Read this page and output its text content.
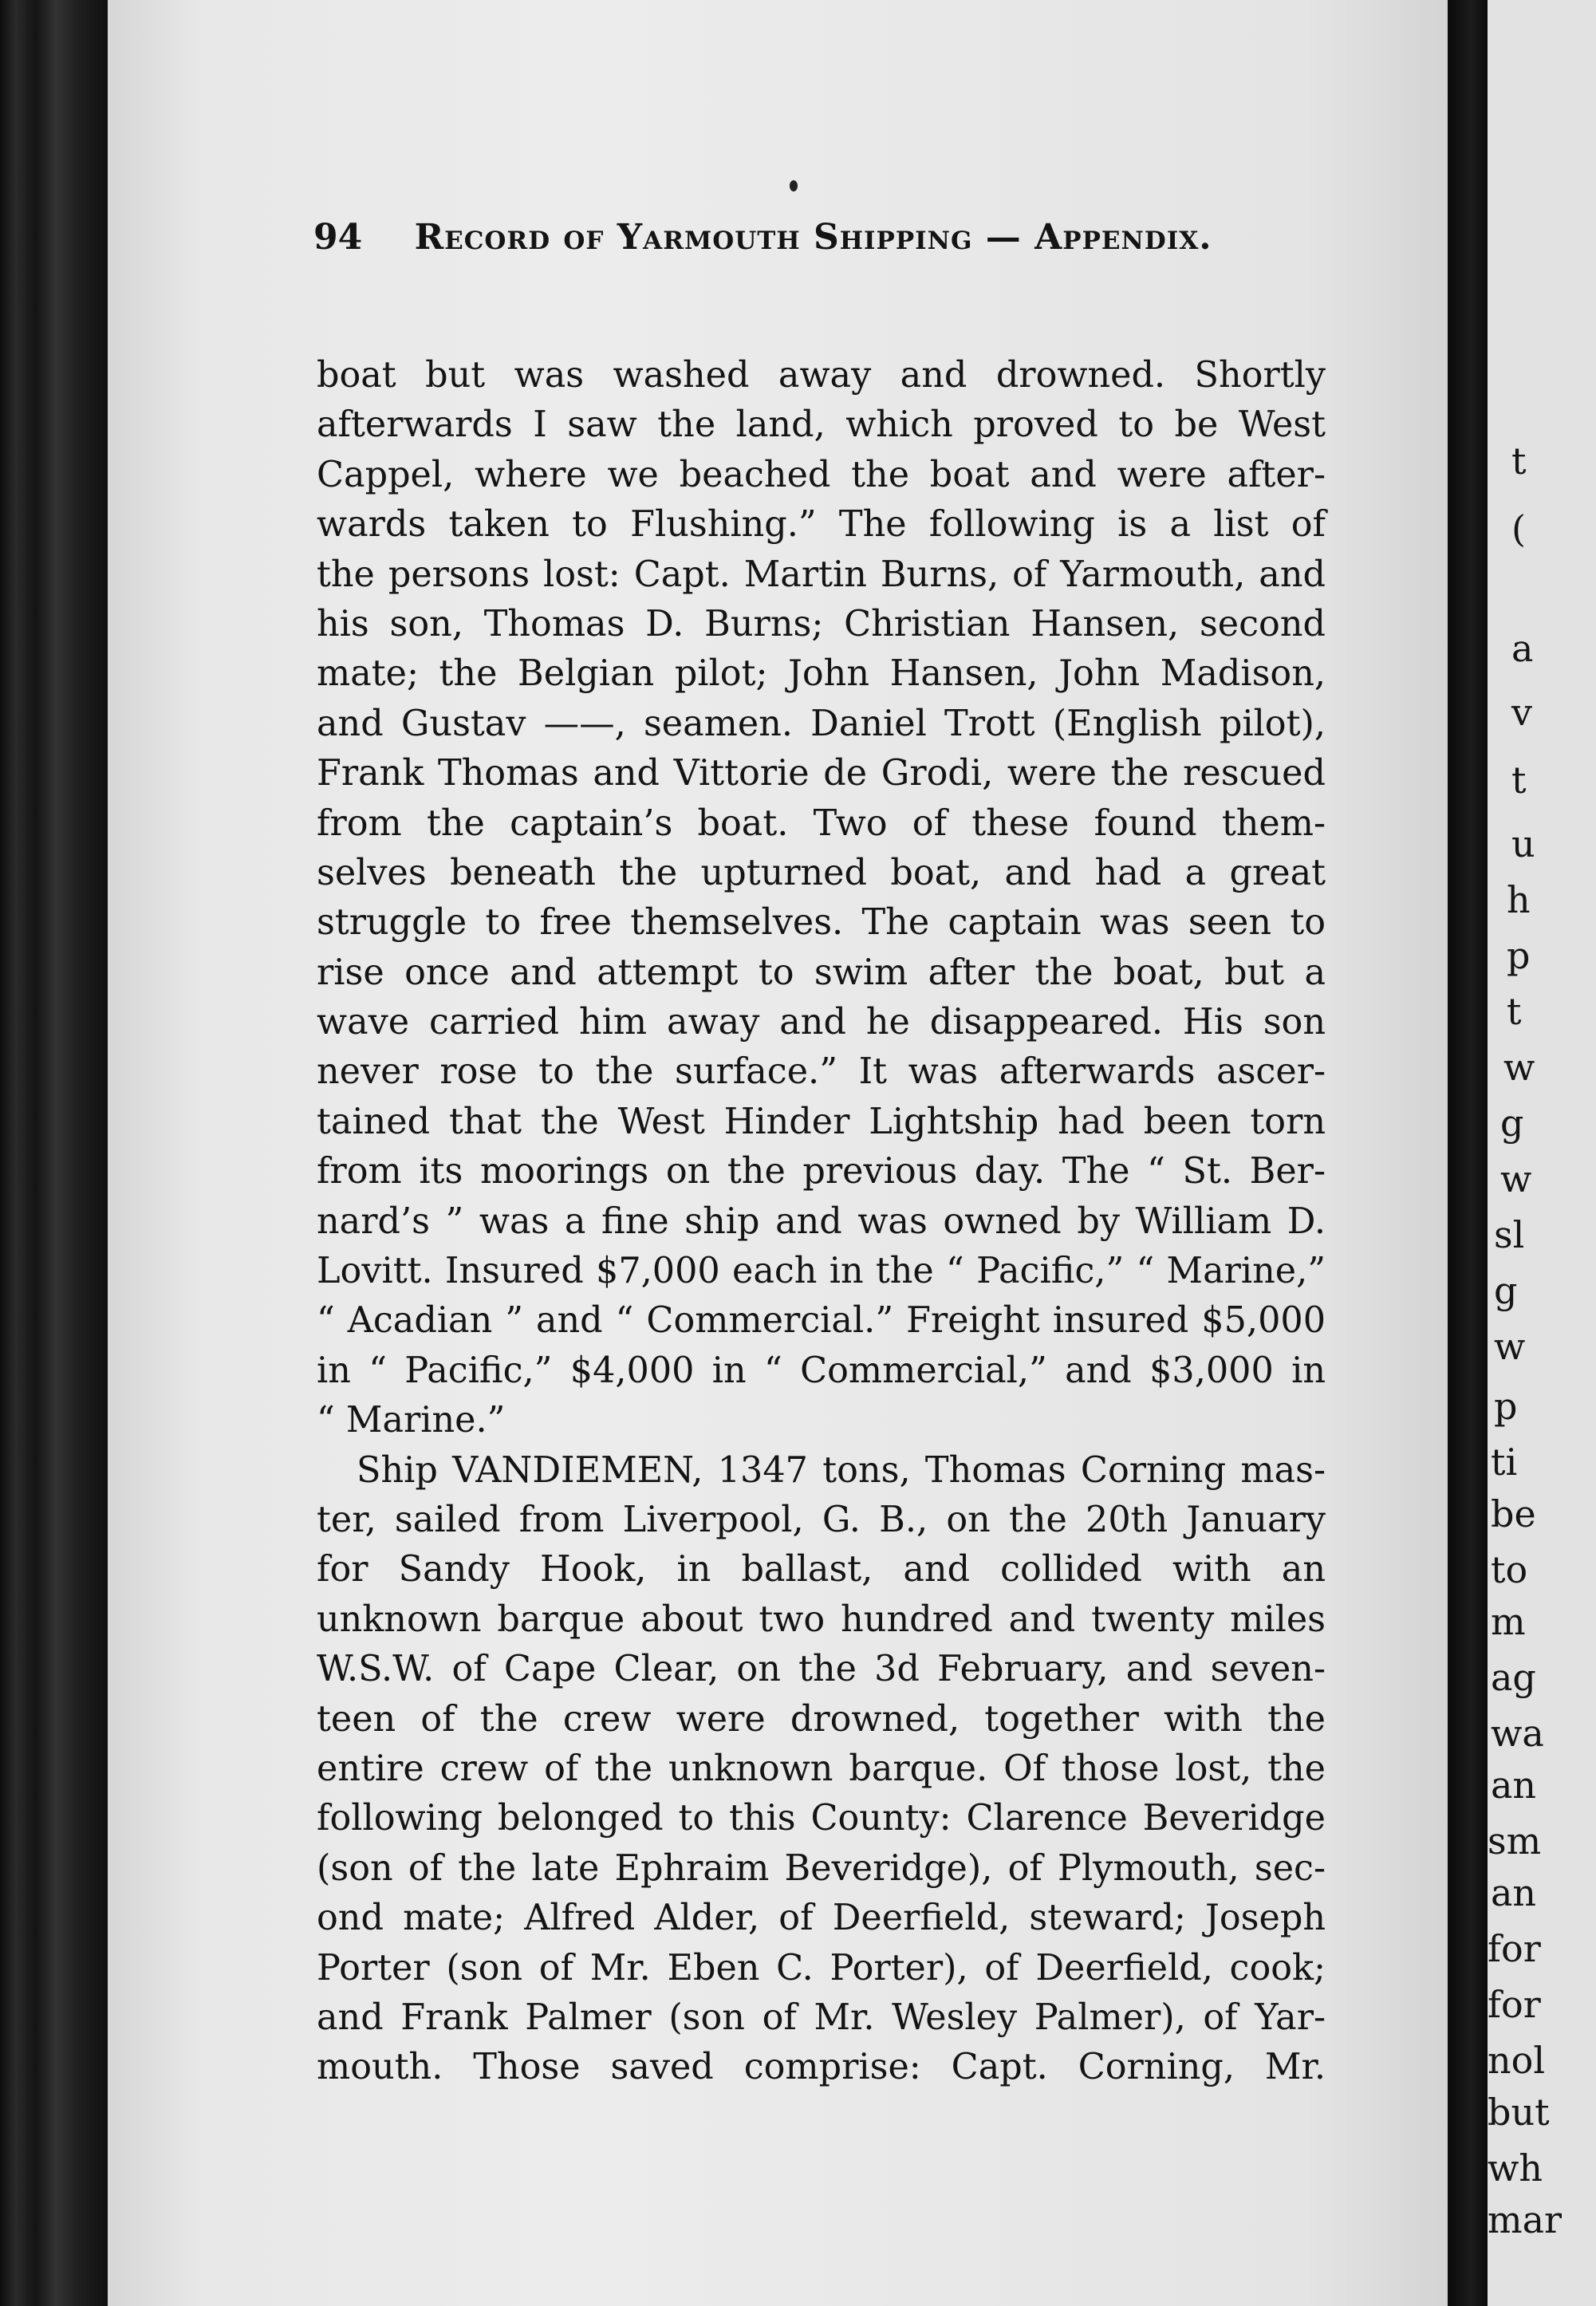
t
(
a
v
t
u
h
p
t
w
g
w
sl
g
w
p
ti
be
to
m
ag
wa
an
sm
an
for
for
nol
but
wh
mar
94 Record of Yarmouth Shipping — Appendix.
boat but was washed away and drowned. Shortly
afterwards I saw the land, which proved to be West
Cappel, where we beached the boat and were after-
wards taken to Flushing.” The following is a list of
the persons lost: Capt. Martin Burns, of Yarmouth, and
his son, Thomas D. Burns; Christian Hansen, second
mate; the Belgian pilot; John Hansen, John Madison,
and Gustav ——, seamen. Daniel Trott (English pilot),
Frank Thomas and Vittorie de Grodi, were the rescued
from the captain’s boat. Two of these found them-
selves beneath the upturned boat, and had a great
struggle to free themselves. The captain was seen to
rise once and attempt to swim after the boat, but a
wave carried him away and he disappeared. His son
never rose to the surface.” It was afterwards ascer-
tained that the West Hinder Lightship had been torn
from its moorings on the previous day. The “ St. Ber-
nard’s ” was a fine ship and was owned by William D.
Lovitt. Insured $7,000 each in the “ Pacific,” “ Marine,”
“ Acadian ” and “ Commercial.” Freight insured $5,000
in “ Pacific,” $4,000 in “ Commercial,” and $3,000 in
“ Marine.”
Ship VANDIEMEN, 1347 tons, Thomas Corning mas-
ter, sailed from Liverpool, G. B., on the 20th January
for Sandy Hook, in ballast, and collided with an
unknown barque about two hundred and twenty miles
W.S.W. of Cape Clear, on the 3d February, and seven-
teen of the crew were drowned, together with the
entire crew of the unknown barque. Of those lost, the
following belonged to this County: Clarence Beveridge
(son of the late Ephraim Beveridge), of Plymouth, sec-
ond mate; Alfred Alder, of Deerfield, steward; Joseph
Porter (son of Mr. Eben C. Porter), of Deerfield, cook;
and Frank Palmer (son of Mr. Wesley Palmer), of Yar-
mouth. Those saved comprise: Capt. Corning, Mr.
